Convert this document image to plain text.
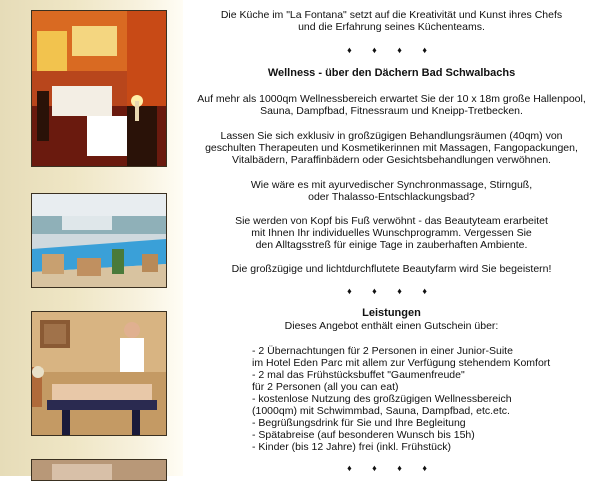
Die Küche im "La Fontana" setzt auf die Kreativität und Kunst ihres Chefs
und die Erfahrung seines Küchenteams.
♦ ♦ ♦ ♦
Wellness - über den Dächern Bad Schwalbachs
Auf mehr als 1000qm Wellnessbereich erwartet Sie der 10 x 18m große Hallenpool,
Sauna, Dampfbad, Fitnessraum und Kneipp-Tretbecken.
Lassen Sie sich exklusiv in großzügigen Behandlungsräumen (40qm) von
geschulten Therapeuten und Kosmetikerinnen mit Massagen, Fangopackungen,
Vitalbädern, Paraffinbädern oder Gesichtsbehandlungen verwöhnen.
Wie wäre es mit ayurvedischer Synchronmassage, Stirnguß,
oder Thalasso-Entschlackungsbad?
Sie werden von Kopf bis Fuß verwöhnt - das Beautyteam erarbeitet
mit Ihnen Ihr individuelles Wunschprogramm. Vergessen Sie
den Alltagsstreß für einige Tage in zauberhaften Ambiente.
Die großzügige und lichtdurchflutete Beautyfarm wird Sie begeistern!
♦ ♦ ♦ ♦
Leistungen
Dieses Angebot enthält einen Gutschein über:
- 2 Übernachtungen für 2 Personen in einer Junior-Suite
im Hotel Eden Parc mit allem zur Verfügung stehendem Komfort
- 2 mal das Frühstücksbuffet "Gaumenfreude"
für 2 Personen (all you can eat)
- kostenlose Nutzung des großzügigen Wellnessbereich
(1000qm) mit Schwimmbad, Sauna, Dampfbad, etc.etc.
- Begrüßungsdrink für Sie und Ihre Begleitung
- Spätabreise (auf besonderen Wunsch bis 15h)
- Kinder (bis 12 Jahre) frei (inkl. Frühstück)
♦ ♦ ♦ ♦
